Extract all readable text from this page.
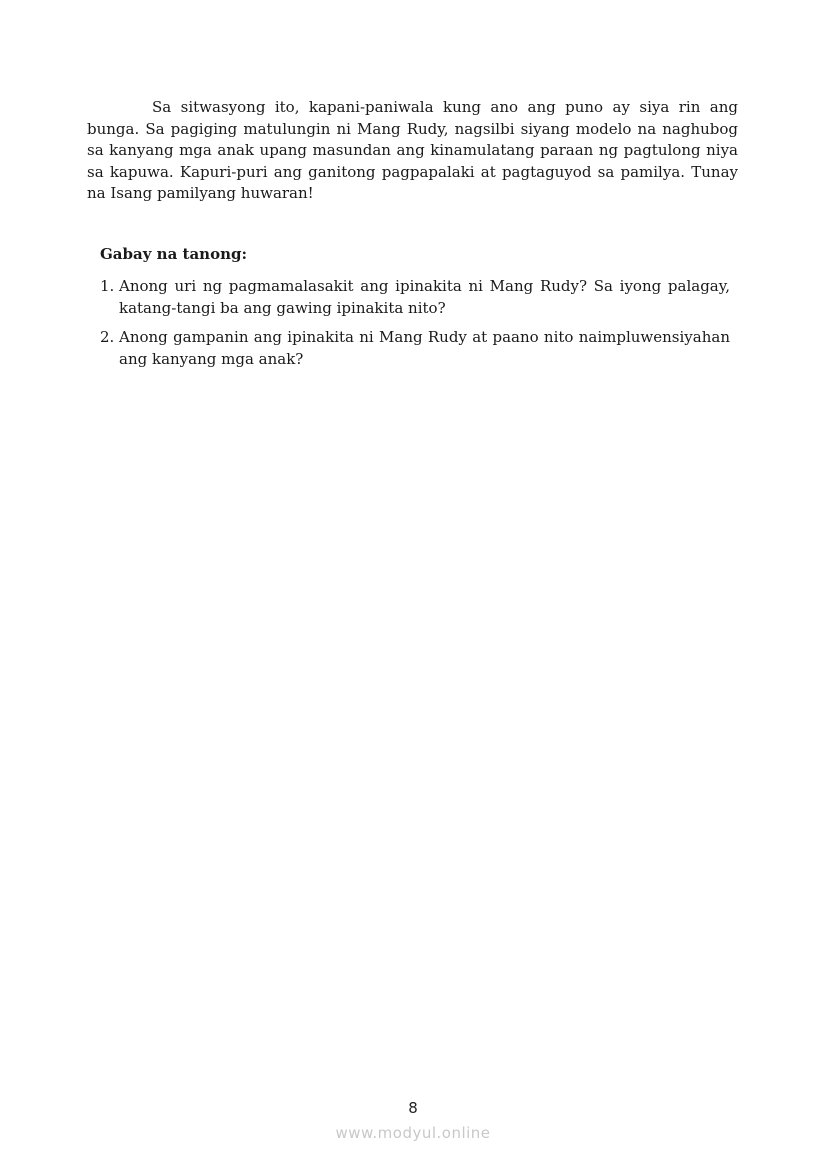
Sa sitwasyong ito, kapani-paniwala kung ano ang puno ay siya rin ang bunga. Sa pagiging matulungin ni Mang Rudy, nagsilbi siyang modelo na naghubog sa kanyang mga anak upang masundan ang kinamulatang paraan ng pagtulong niya sa kapuwa. Kapuri-puri ang ganitong pagpapalaki at pagtaguyod sa pamilya. Tunay na Isang pamilyang huwaran!

Gabay na tanong:

1. Anong uri ng pagmamalasakit ang ipinakita ni Mang Rudy? Sa iyong palagay, katang-tangi ba ang gawing ipinakita nito?
2. Anong gampanin ang ipinakita ni Mang Rudy at paano nito naimpluwensiyahan ang kanyang mga anak?
8
www.modyul.online
